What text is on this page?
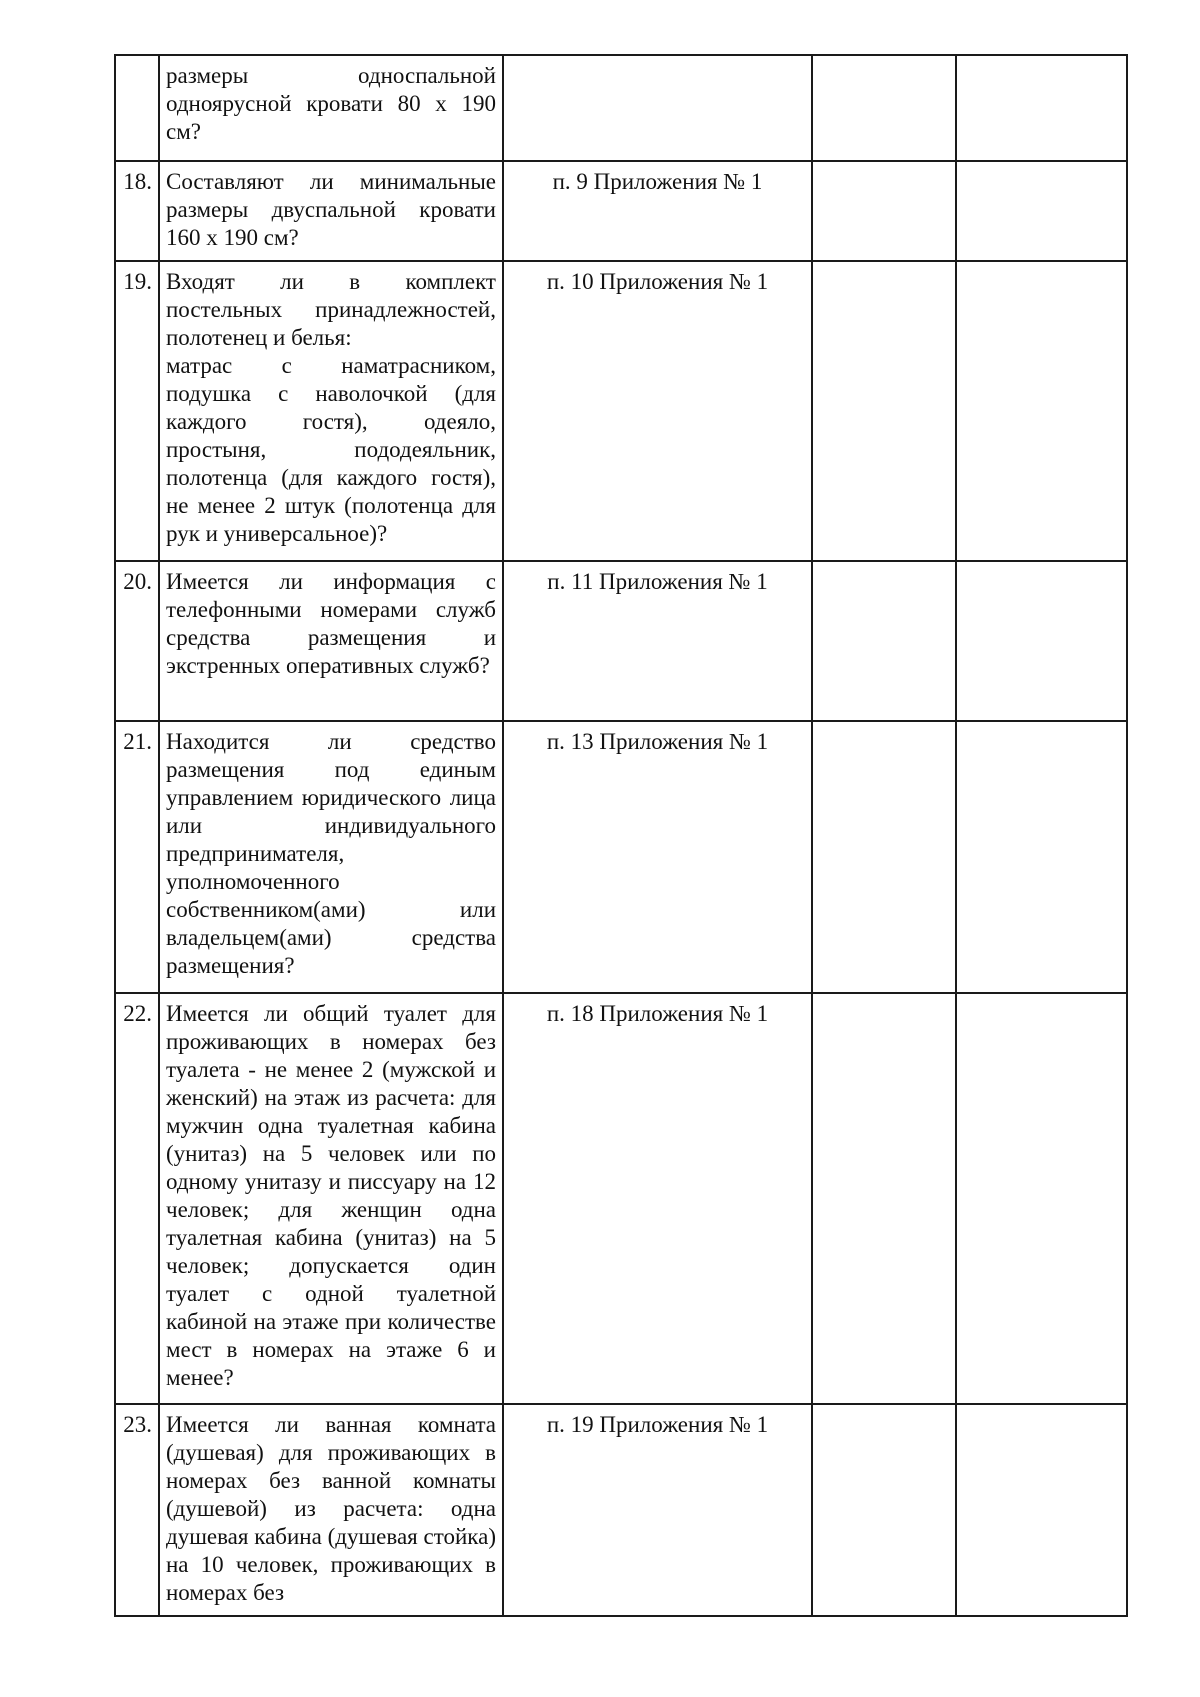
	размеры односпальной одноярусной кровати 80 х 190 см?			

18.	Составляют ли минимальные размеры двуспальной кровати 160 х 190 см?	п. 9 Приложения № 1		
19.	Входят ли в комплект постельных принадлежностей, полотенец и белья:
матрас с наматрасником, подушка с наволочкой (для каждого гостя), одеяло, простыня, пододеяльник, полотенца (для каждого гостя), не менее 2 штук (полотенца для рук и универсальное)?	п. 10 Приложения № 1		
20.	Имеется ли информация с телефонными номерами служб средства размещения и экстренных оперативных служб?	п. 11 Приложения № 1		
21.	Находится ли средство размещения под единым управлением юридического лица или индивидуального предпринимателя, уполномоченного собственником(ами) или владельцем(ами) средства размещения?	п. 13 Приложения № 1		
22.	Имеется ли общий туалет для проживающих в номерах без туалета - не менее 2 (мужской и женский) на этаж из расчета: для мужчин одна туалетная кабина (унитаз) на 5 человек или по одному унитазу и писсуару на 12 человек; для женщин одна туалетная кабина (унитаз) на 5 человек; допускается один туалет с одной туалетной кабиной на этаже при количестве мест в номерах на этаже 6 и менее?	п. 18 Приложения № 1		
23.	Имеется ли ванная комната (душевая) для проживающих в номерах без ванной комнаты (душевой) из расчета: одна душевая кабина (душевая стойка) на 10 человек, проживающих в номерах без	п. 19 Приложения № 1		
